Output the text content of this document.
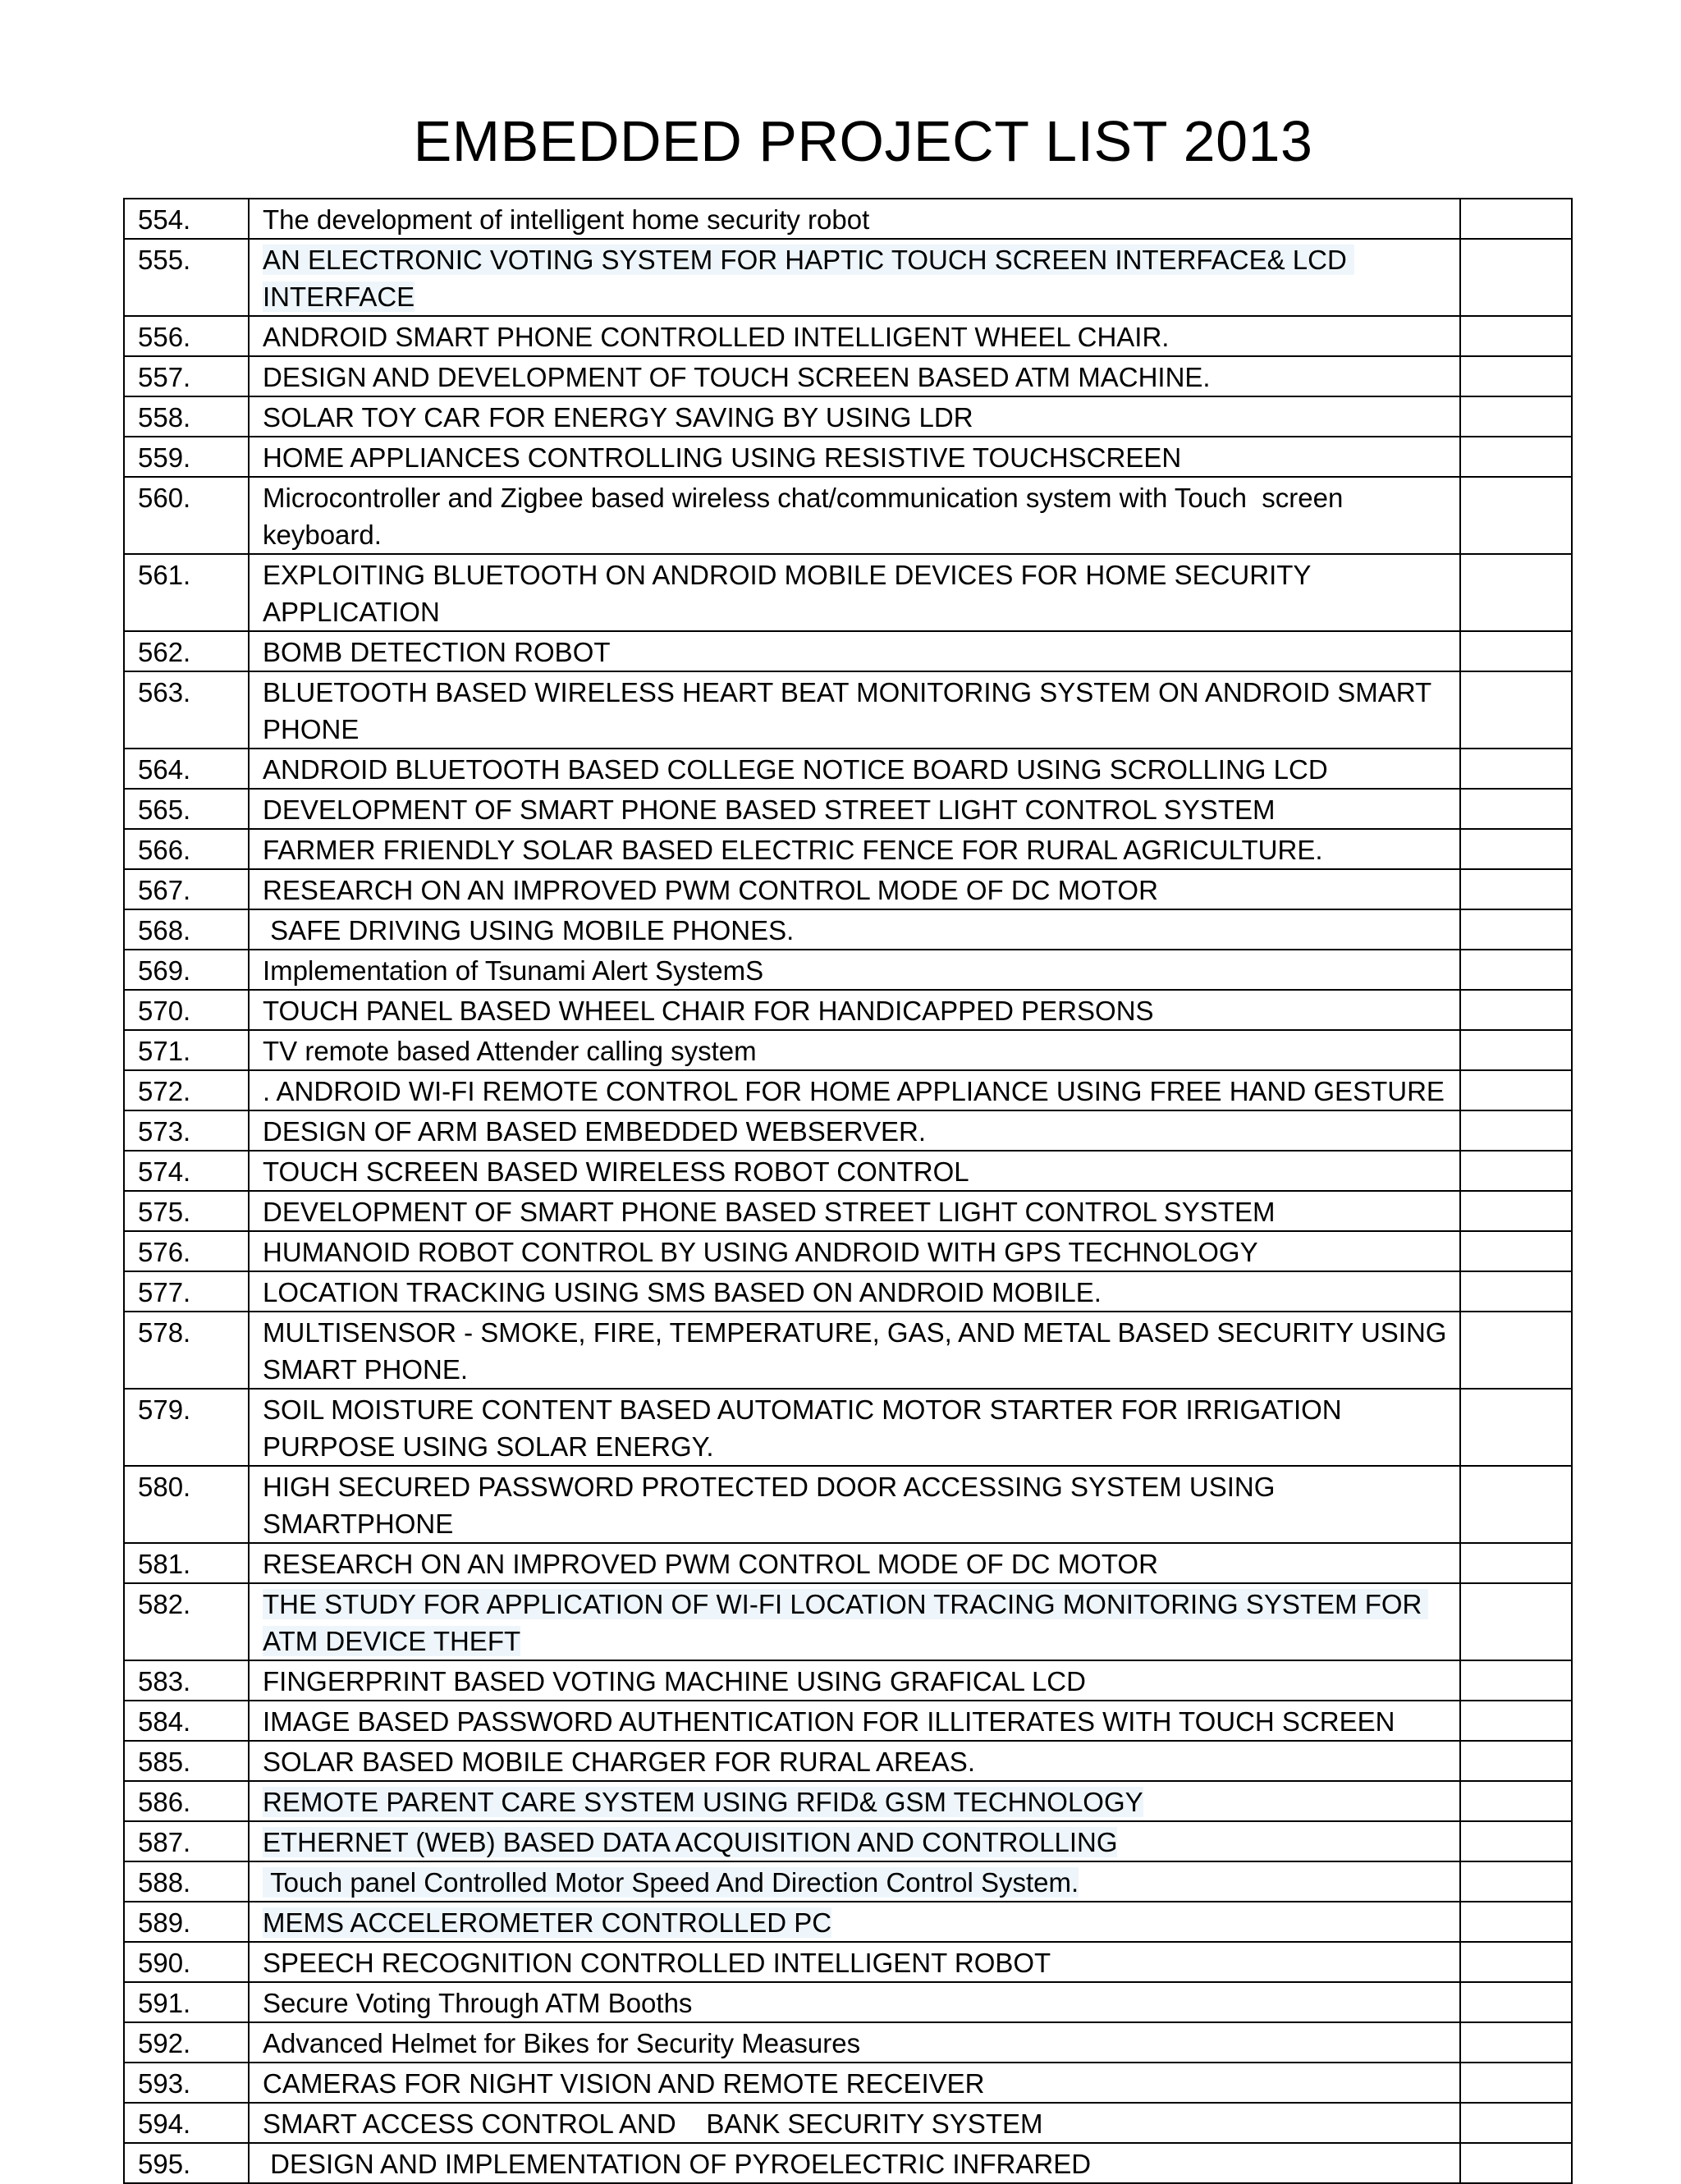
EMBEDDED PROJECT LIST 2013
554.	The development of intelligent home security robot	
555.	AN ELECTRONIC VOTING SYSTEM FOR HAPTIC TOUCH SCREEN INTERFACE& LCD INTERFACE	
556.	ANDROID SMART PHONE CONTROLLED INTELLIGENT WHEEL CHAIR.	
557.	DESIGN AND DEVELOPMENT OF TOUCH SCREEN BASED ATM MACHINE.	
558.	SOLAR TOY CAR FOR ENERGY SAVING BY USING LDR	
559.	HOME APPLIANCES CONTROLLING USING RESISTIVE TOUCHSCREEN	
560.	Microcontroller and Zigbee based wireless chat/communication system with Touch  screen keyboard.	
561.	EXPLOITING BLUETOOTH ON ANDROID MOBILE DEVICES FOR HOME SECURITY APPLICATION	
562.	BOMB DETECTION ROBOT	
563.	BLUETOOTH BASED WIRELESS HEART BEAT MONITORING SYSTEM ON ANDROID SMART PHONE	
564.	ANDROID BLUETOOTH BASED COLLEGE NOTICE BOARD USING SCROLLING LCD	
565.	DEVELOPMENT OF SMART PHONE BASED STREET LIGHT CONTROL SYSTEM	
566.	FARMER FRIENDLY SOLAR BASED ELECTRIC FENCE FOR RURAL AGRICULTURE.	
567.	RESEARCH ON AN IMPROVED PWM CONTROL MODE OF DC MOTOR	
568.	SAFE DRIVING USING MOBILE PHONES.	
569.	Implementation of Tsunami Alert SystemS	
570.	TOUCH PANEL BASED WHEEL CHAIR FOR HANDICAPPED PERSONS	
571.	TV remote based Attender calling system	
572.	. ANDROID WI-FI REMOTE CONTROL FOR HOME APPLIANCE USING FREE HAND GESTURE	
573.	DESIGN OF ARM BASED EMBEDDED WEBSERVER.	
574.	TOUCH SCREEN BASED WIRELESS ROBOT CONTROL	
575.	DEVELOPMENT OF SMART PHONE BASED STREET LIGHT CONTROL SYSTEM	
576.	HUMANOID ROBOT CONTROL BY USING ANDROID WITH GPS TECHNOLOGY	
577.	LOCATION TRACKING USING SMS BASED ON ANDROID MOBILE.	
578.	MULTISENSOR - SMOKE, FIRE, TEMPERATURE, GAS, AND METAL BASED SECURITY USING SMART PHONE.	
579.	SOIL MOISTURE CONTENT BASED AUTOMATIC MOTOR STARTER FOR IRRIGATION PURPOSE USING SOLAR ENERGY.	
580.	HIGH SECURED PASSWORD PROTECTED DOOR ACCESSING SYSTEM USING SMARTPHONE	
581.	RESEARCH ON AN IMPROVED PWM CONTROL MODE OF DC MOTOR	
582.	THE STUDY FOR APPLICATION OF WI-FI LOCATION TRACING MONITORING SYSTEM FOR ATM DEVICE THEFT	
583.	FINGERPRINT BASED VOTING MACHINE USING GRAFICAL LCD	
584.	IMAGE BASED PASSWORD AUTHENTICATION FOR ILLITERATES WITH TOUCH SCREEN	
585.	SOLAR BASED MOBILE CHARGER FOR RURAL AREAS.	
586.	REMOTE PARENT CARE SYSTEM USING RFID& GSM TECHNOLOGY	
587.	ETHERNET (WEB) BASED DATA ACQUISITION AND CONTROLLING	
588.	Touch panel Controlled Motor Speed And Direction Control System.	
589.	MEMS ACCELEROMETER CONTROLLED PC	
590.	SPEECH RECOGNITION CONTROLLED INTELLIGENT ROBOT	
591.	Secure Voting Through ATM Booths	
592.	Advanced Helmet for Bikes for Security Measures	
593.	CAMERAS FOR NIGHT VISION AND REMOTE RECEIVER	
594.	SMART ACCESS CONTROL AND    BANK SECURITY SYSTEM	
595.	DESIGN AND IMPLEMENTATION OF PYROELECTRIC INFRARED	
